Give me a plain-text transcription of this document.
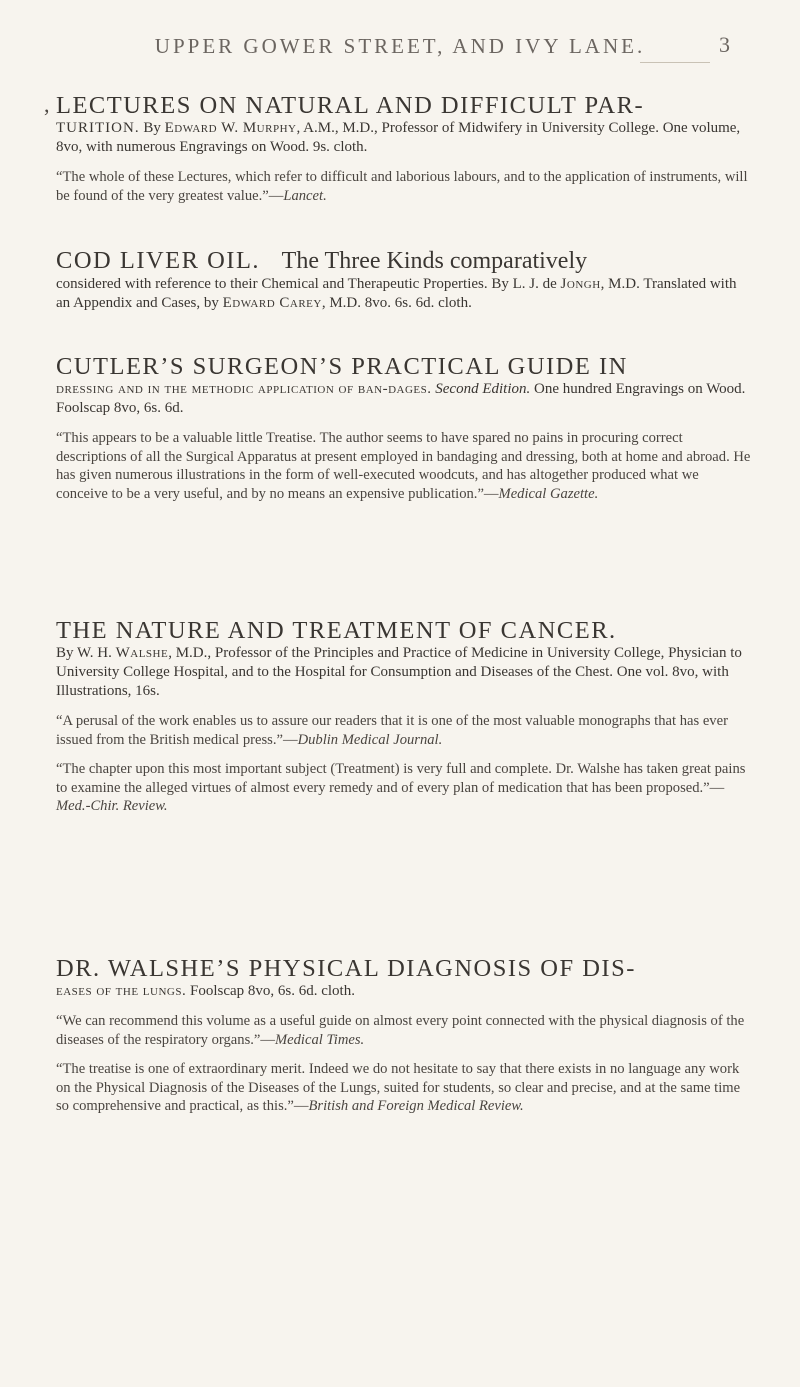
UPPER GOWER STREET, AND IVY LANE.	3
, LECTURES ON NATURAL AND DIFFICULT PAR-
TURITION. By Edward W. Murphy, A.M., M.D., Professor of Midwifery in University College. One volume, 8vo, with numerous Engravings on Wood. 9s. cloth.
“The whole of these Lectures, which refer to difficult and laborious labours, and to the application of instruments, will be found of the very greatest value.”—Lancet.
COD LIVER OIL. The Three Kinds comparatively
considered with reference to their Chemical and Therapeutic Properties. By L. J. de Jongh, M.D. Translated with an Appendix and Cases, by Edward Carey, M.D. 8vo. 6s. 6d. cloth.
CUTLER’S SURGEON’S PRACTICAL GUIDE IN
dressing and in the methodic application of ban-dages. Second Edition. One hundred Engravings on Wood. Foolscap 8vo, 6s. 6d.
“This appears to be a valuable little Treatise. The author seems to have spared no pains in procuring correct descriptions of all the Surgical Apparatus at present employed in bandaging and dressing, both at home and abroad. He has given numerous illustrations in the form of well-executed woodcuts, and has altogether produced what we conceive to be a very useful, and by no means an expensive publication.”—Medical Gazette.
THE NATURE AND TREATMENT OF CANCER.
By W. H. Walshe, M.D., Professor of the Principles and Practice of Medicine in University College, Physician to University College Hospital, and to the Hospital for Consumption and Diseases of the Chest. One vol. 8vo, with Illustrations, 16s.
“A perusal of the work enables us to assure our readers that it is one of the most valuable monographs that has ever issued from the British medical press.”—Dublin Medical Journal.
“The chapter upon this most important subject (Treatment) is very full and complete. Dr. Walshe has taken great pains to examine the alleged virtues of almost every remedy and of every plan of medication that has been proposed.”—Med.-Chir. Review.
DR. WALSHE’S PHYSICAL DIAGNOSIS OF DIS-
eases of the lungs. Foolscap 8vo, 6s. 6d. cloth.
“We can recommend this volume as a useful guide on almost every point connected with the physical diagnosis of the diseases of the respiratory organs.”—Medical Times.
“The treatise is one of extraordinary merit. Indeed we do not hesitate to say that there exists in no language any work on the Physical Diagnosis of the Diseases of the Lungs, suited for students, so clear and precise, and at the same time so comprehensive and practical, as this.”—British and Foreign Medical Review.
